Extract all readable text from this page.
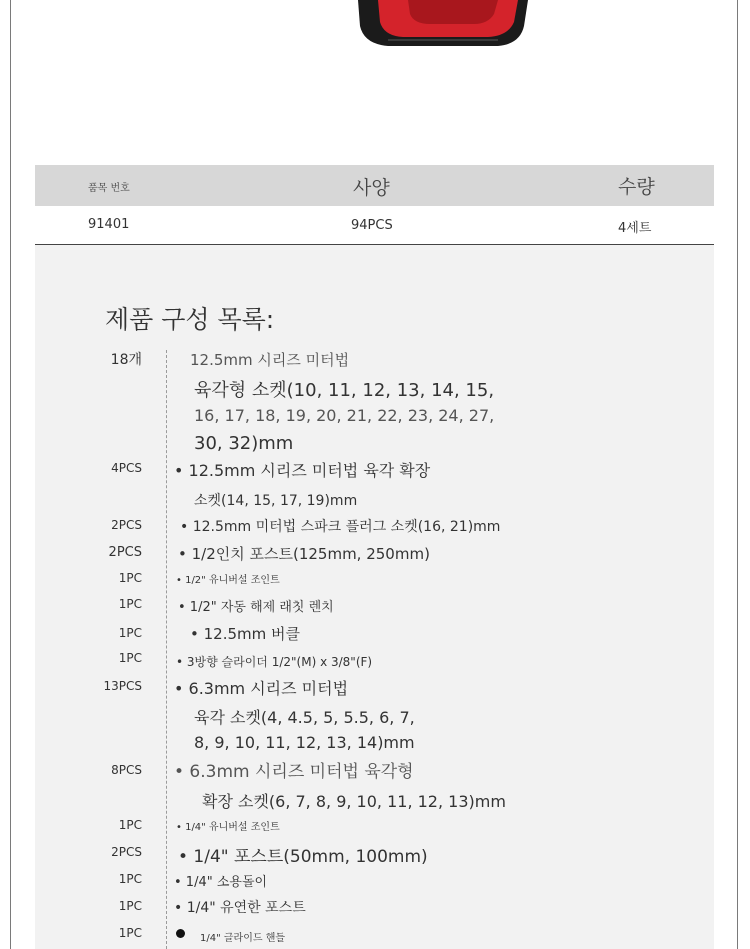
품목 번호	사양	수량
91401	94PCS	4세트
제품 구성 목록:
18개	12.5mm 시리즈 미터법
육각형 소켓(10, 11, 12, 13, 14, 15,
16, 17, 18, 19, 20, 21, 22, 23, 24, 27,
30, 32)mm
4PCS • 12.5mm 시리즈 미터법 육각 확장
소켓(14, 15, 17, 19)mm
2PCS	• 12.5mm 미터법 스파크 플러그 소켓(16, 21)mm
2PCS • 1/2인치 포스트(125mm, 250mm)
1PC	• 1/2" 유니버설 조인트
1PC	• 1/2" 자동 해제 래칫 렌치
1PC	• 12.5mm 버클
1PC	• 3방향 슬라이더 1/2"(M) x 3/8"(F)
13PCS • 6.3mm 시리즈 미터법
육각 소켓(4, 4.5, 5, 5.5, 6, 7,
8, 9, 10, 11, 12, 13, 14)mm
8PCS • 6.3mm 시리즈 미터법 육각형
확장 소켓(6, 7, 8, 9, 10, 11, 12, 13)mm
1PC	• 1/4" 유니버설 조인트
2PCS • 1/4" 포스트(50mm, 100mm)
1PC • 1/4" 소용돌이
1PC • 1/4" 유연한 포스트
1PC	1/4" 글라이드 핸들
